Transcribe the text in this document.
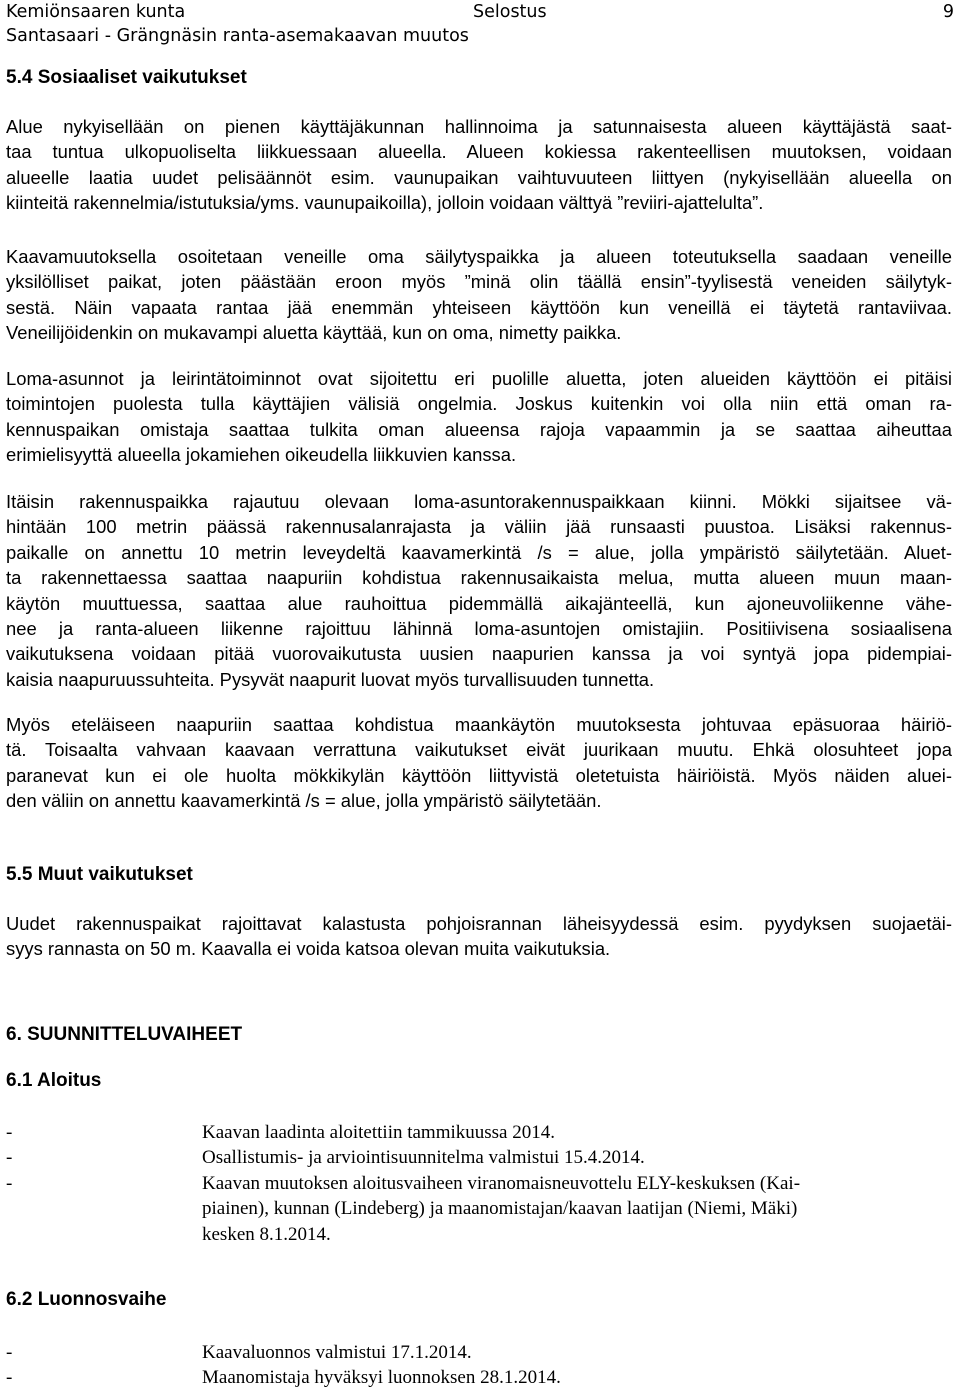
Kemiönsaaren kunta	Selostus	9
Santasaari - Grängnäsin ranta-asemakaavan muutos
5.4 Sosiaaliset vaikutukset
Alue nykyisellään on pienen käyttäjäkunnan hallinnoima ja satunnaisesta alueen käyttäjästä saat-
taa tuntua ulkopuoliselta liikkuessaan alueella. Alueen kokiessa rakenteellisen muutoksen, voidaan
alueelle laatia uudet pelisäännöt esim. vaunupaikan vaihtuvuuteen liittyen (nykyisellään alueella on
kiinteitä rakennelmia/istutuksia/yms. vaunupaikoilla), jolloin voidaan välttyä ”reviiri-ajattelulta”.
Kaavamuutoksella osoitetaan veneille oma säilytyspaikka ja alueen toteutuksella saadaan veneille
yksilölliset paikat, joten päästään eroon myös ”minä olin täällä ensin”-tyylisestä veneiden säilytyk-
sestä. Näin vapaata rantaa jää enemmän yhteiseen käyttöön kun veneillä ei täytetä rantaviivaa.
Veneilijöidenkin on mukavampi aluetta käyttää, kun on oma, nimetty paikka.
Loma-asunnot ja leirintätoiminnot ovat sijoitettu eri puolille aluetta, joten alueiden käyttöön ei pitäisi
toimintojen puolesta tulla käyttäjien välisiä ongelmia. Joskus kuitenkin voi olla niin että oman ra-
kennuspaikan omistaja saattaa tulkita oman alueensa rajoja vapaammin ja se saattaa aiheuttaa
erimielisyyttä alueella jokamiehen oikeudella liikkuvien kanssa.
Itäisin rakennuspaikka rajautuu olevaan loma-asuntorakennuspaikkaan kiinni. Mökki sijaitsee vä-
hintään 100 metrin päässä rakennusalanrajasta ja väliin jää runsaasti puustoa. Lisäksi rakennus-
paikalle on annettu 10 metrin leveydeltä kaavamerkintä /s = alue, jolla ympäristö säilytetään. Aluet-
ta rakennettaessa saattaa naapuriin kohdistua rakennusaikaista melua, mutta alueen muun maan-
käytön muuttuessa, saattaa alue rauhoittua pidemmällä aikajänteellä, kun ajoneuvoliikenne vähe-
nee ja ranta-alueen liikenne rajoittuu lähinnä loma-asuntojen omistajiin. Positiivisena sosiaalisena
vaikutuksena voidaan pitää vuorovaikutusta uusien naapurien kanssa ja voi syntyä jopa pidempiai-
kaisia naapuruussuhteita. Pysyvät naapurit luovat myös turvallisuuden tunnetta.
Myös eteläiseen naapuriin saattaa kohdistua maankäytön muutoksesta johtuvaa epäsuoraa häiriö-
tä. Toisaalta vahvaan kaavaan verrattuna vaikutukset eivät juurikaan muutu. Ehkä olosuhteet jopa
paranevat kun ei ole huolta mökkikylän käyttöön liittyvistä oletetuista häiriöistä. Myös näiden aluei-
den väliin on annettu kaavamerkintä /s = alue, jolla ympäristö säilytetään.
5.5 Muut vaikutukset
Uudet rakennuspaikat rajoittavat kalastusta pohjoisrannan läheisyydessä esim. pyydyksen suojaetäi-
syys rannasta on 50 m. Kaavalla ei voida katsoa olevan muita vaikutuksia.
6. SUUNNITTELUVAIHEET
6.1 Aloitus
-	Kaavan laadinta aloitettiin tammikuussa 2014.
-	Osallistumis- ja arviointisuunnitelma valmistui 15.4.2014.
-	Kaavan muutoksen aloitusvaiheen viranomaisneuvottelu ELY-keskuksen (Kai-
piainen), kunnan (Lindeberg) ja maanomistajan/kaavan laatijan (Niemi, Mäki)
kesken 8.1.2014.
6.2 Luonnosvaihe
-	Kaavaluonnos valmistui 17.1.2014.
-	Maanomistaja hyväksyi luonnoksen 28.1.2014.
